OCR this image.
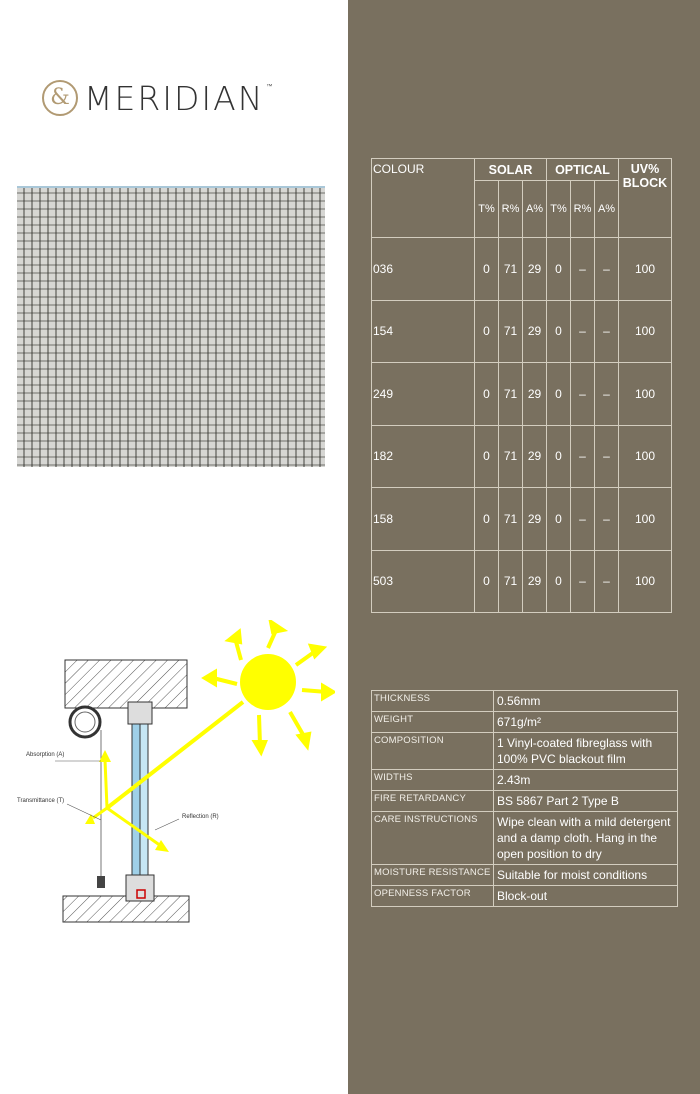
& MERIDIAN ™
Absorption (A)
Transmittance (T)
Reflection (R)
COLOUR	SOLAR			OPTICAL			UV% BLOCK
	T%	R%	A%	T%	R%	A%	
036	0	71	29	0	–	–	100
154	0	71	29	0	–	–	100
249	0	71	29	0	–	–	100
182	0	71	29	0	–	–	100
158	0	71	29	0	–	–	100
503	0	71	29	0	–	–	100
THICKNESS	0.56mm
WEIGHT	671g/m²
COMPOSITION	1 Vinyl-coated fibreglass with 100% PVC blackout film
WIDTHS	2.43m
FIRE RETARDANCY	BS 5867 Part 2 Type B
CARE INSTRUCTIONS	Wipe clean with a mild detergent and a damp cloth. Hang in the open position to dry
MOISTURE RESISTANCE	Suitable for moist conditions
OPENNESS FACTOR	Block-out
